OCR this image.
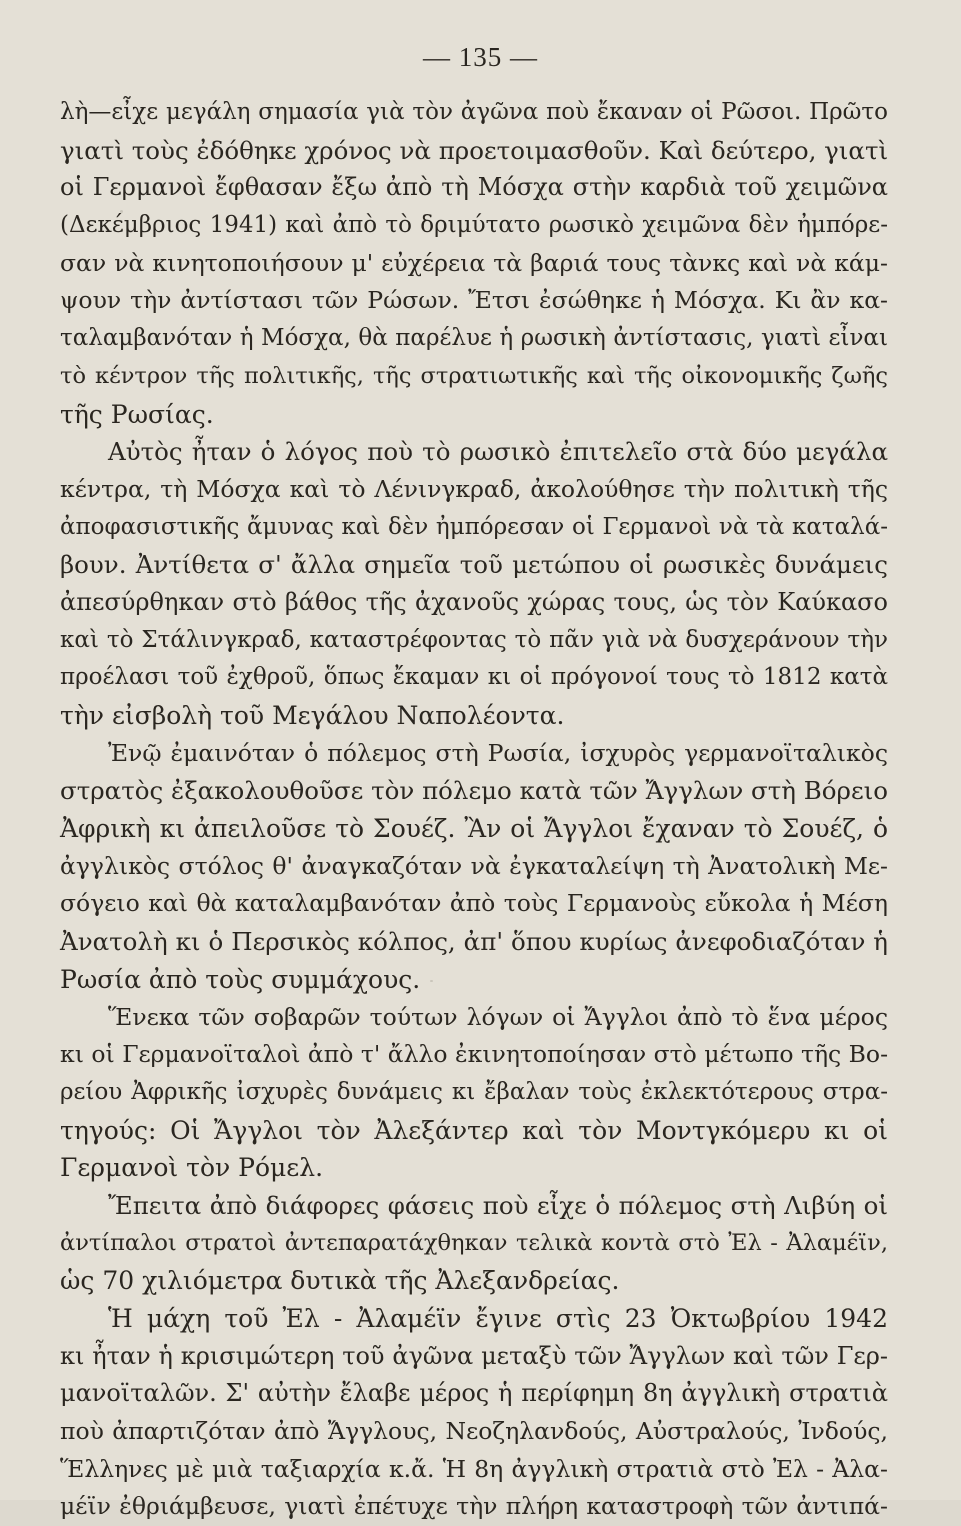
— 135 —
λὴ—εἶχε μεγάλη σημασία γιὰ τὸν ἀγῶνα ποὺ ἔκαναν οἱ Ρῶσοι. Πρῶτο
γιατὶ τοὺς ἐδόθηκε χρόνος νὰ προετοιμασθοῦν. Καὶ δεύτερο, γιατὶ
οἱ Γερμανοὶ ἔφθασαν ἔξω ἀπὸ τὴ Μόσχα στὴν καρδιὰ τοῦ χειμῶνα
(Δεκέμβριος 1941) καὶ ἀπὸ τὸ δριμύτατο ρωσικὸ χειμῶνα δὲν ἠμπόρε-
σαν νὰ κινητοποιήσουν μ' εὐχέρεια τὰ βαριά τους τὰνκς καὶ νὰ κάμ-
ψουν τὴν ἀντίστασι τῶν Ρώσων. Ἔτσι ἐσώθηκε ἡ Μόσχα. Κι ἂν κα-
ταλαμβανόταν ἡ Μόσχα, θὰ παρέλυε ἡ ρωσικὴ ἀντίστασις, γιατὶ εἶναι
τὸ κέντρον τῆς πολιτικῆς, τῆς στρατιωτικῆς καὶ τῆς οἰκονομικῆς ζωῆς
τῆς Ρωσίας.
Αὐτὸς ἦταν ὁ λόγος ποὺ τὸ ρωσικὸ ἐπιτελεῖο στὰ δύο μεγάλα
κέντρα, τὴ Μόσχα καὶ τὸ Λένινγκραδ, ἀκολούθησε τὴν πολιτικὴ τῆς
ἀποφασιστικῆς ἄμυνας καὶ δὲν ἠμπόρεσαν οἱ Γερμανοὶ νὰ τὰ καταλά-
βουν. Ἀντίθετα σ' ἄλλα σημεῖα τοῦ μετώπου οἱ ρωσικὲς δυνάμεις
ἀπεσύρθηκαν στὸ βάθος τῆς ἀχανοῦς χώρας τους, ὡς τὸν Καύκασο
καὶ τὸ Στάλινγκραδ, καταστρέφοντας τὸ πᾶν γιὰ νὰ δυσχεράνουν τὴν
προέλασι τοῦ ἐχθροῦ, ὅπως ἔκαμαν κι οἱ πρόγονοί τους τὸ 1812 κατὰ
τὴν εἰσβολὴ τοῦ Μεγάλου Ναπολέοντα.
Ἐνῷ ἐμαινόταν ὁ πόλεμος στὴ Ρωσία, ἰσχυρὸς γερμανοϊταλικὸς
στρατὸς ἐξακολουθοῦσε τὸν πόλεμο κατὰ τῶν Ἄγγλων στὴ Βόρειο
Ἀφρικὴ κι ἀπειλοῦσε τὸ Σουέζ. Ἂν οἱ Ἄγγλοι ἔχαναν τὸ Σουέζ, ὁ
ἀγγλικὸς στόλος θ' ἀναγκαζόταν νὰ ἐγκαταλείψη τὴ Ἀνατολικὴ Με-
σόγειο καὶ θὰ καταλαμβανόταν ἀπὸ τοὺς Γερμανοὺς εὔκολα ἡ Μέση
Ἀνατολὴ κι ὁ Περσικὸς κόλπος, ἀπ' ὅπου κυρίως ἀνεφοδιαζόταν ἡ
Ρωσία ἀπὸ τοὺς συμμάχους.
Ἕνεκα τῶν σοβαρῶν τούτων λόγων οἱ Ἄγγλοι ἀπὸ τὸ ἕνα μέρος
κι οἱ Γερμανοϊταλοὶ ἀπὸ τ' ἄλλο ἐκινητοποίησαν στὸ μέτωπο τῆς Βο-
ρείου Ἀφρικῆς ἰσχυρὲς δυνάμεις κι ἔβαλαν τοὺς ἐκλεκτότερους στρα-
τηγούς: Οἱ Ἄγγλοι τὸν Ἀλεξάντερ καὶ τὸν Μοντγκόμερυ κι οἱ
Γερμανοὶ τὸν Ρόμελ.
Ἔπειτα ἀπὸ διάφορες φάσεις ποὺ εἶχε ὁ πόλεμος στὴ Λιβύη οἱ
ἀντίπαλοι στρατοὶ ἀντεπαρατάχθηκαν τελικὰ κοντὰ στὸ Ἐλ - Ἀλαμέϊν,
ὡς 70 χιλιόμετρα δυτικὰ τῆς Ἀλεξανδρείας.
Ἡ μάχη τοῦ Ἐλ - Ἀλαμέϊν ἔγινε στὶς 23 Ὀκτωβρίου 1942
κι ἦταν ἡ κρισιμώτερη τοῦ ἀγῶνα μεταξὺ τῶν Ἄγγλων καὶ τῶν Γερ-
μανοϊταλῶν. Σ' αὐτὴν ἔλαβε μέρος ἡ περίφημη 8η ἀγγλικὴ στρατιὰ
ποὺ ἀπαρτιζόταν ἀπὸ Ἄγγλους, Νεοζηλανδούς, Αὐστραλούς, Ἰνδούς,
Ἕλληνες μὲ μιὰ ταξιαρχία κ.ἄ. Ἡ 8η ἀγγλικὴ στρατιὰ στὸ Ἐλ - Ἀλα-
μέϊν ἐθριάμβευσε, γιατὶ ἐπέτυχε τὴν πλήρη καταστροφὴ τῶν ἀντιπά-
